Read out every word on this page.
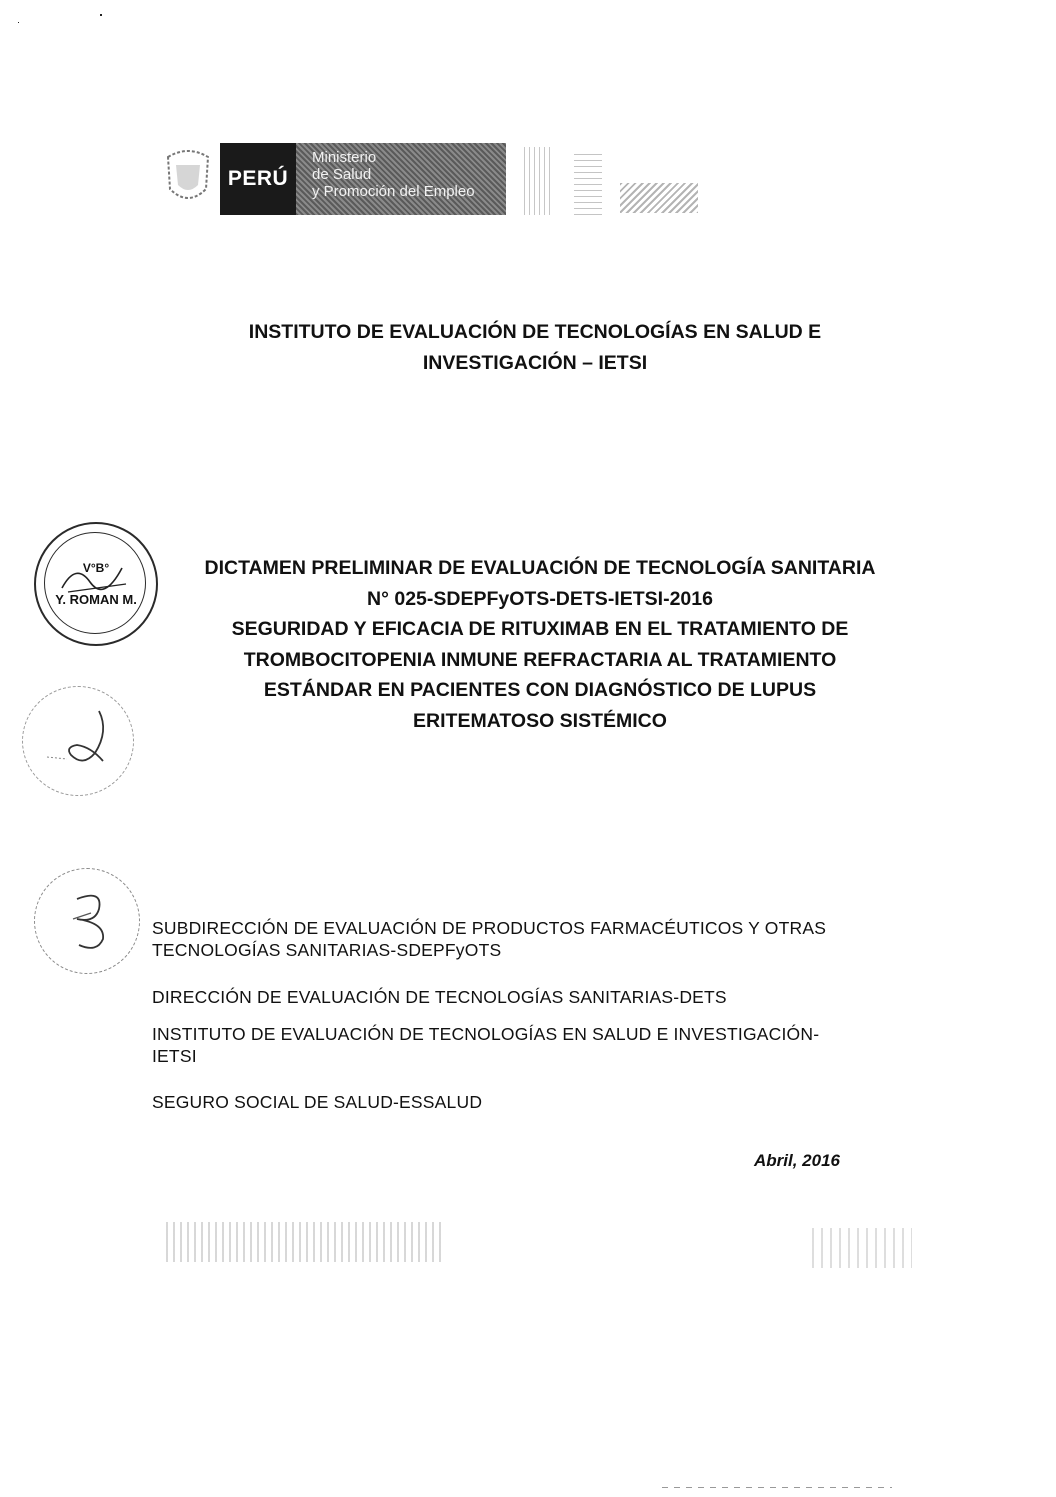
PERÚ
Ministerio
de Salud
y Promoción del Empleo
INSTITUTO DE EVALUACIÓN DE TECNOLOGÍAS EN SALUD E
INVESTIGACIÓN – IETSI
V°B°
Y. ROMAN M.
DICTAMEN PRELIMINAR DE EVALUACIÓN DE TECNOLOGÍA SANITARIA
N° 025-SDEPFyOTS-DETS-IETSI-2016
SEGURIDAD Y EFICACIA DE RITUXIMAB EN EL TRATAMIENTO DE
TROMBOCITOPENIA INMUNE REFRACTARIA AL TRATAMIENTO
ESTÁNDAR EN PACIENTES CON DIAGNÓSTICO DE LUPUS
ERITEMATOSO SISTÉMICO
SUBDIRECCIÓN DE EVALUACIÓN DE PRODUCTOS FARMACÉUTICOS Y OTRAS
TECNOLOGÍAS SANITARIAS-SDEPFyOTS
DIRECCIÓN DE EVALUACIÓN DE TECNOLOGÍAS SANITARIAS-DETS
INSTITUTO DE EVALUACIÓN DE TECNOLOGÍAS EN SALUD E INVESTIGACIÓN-
IETSI
SEGURO SOCIAL DE SALUD-ESSALUD
Abril, 2016
